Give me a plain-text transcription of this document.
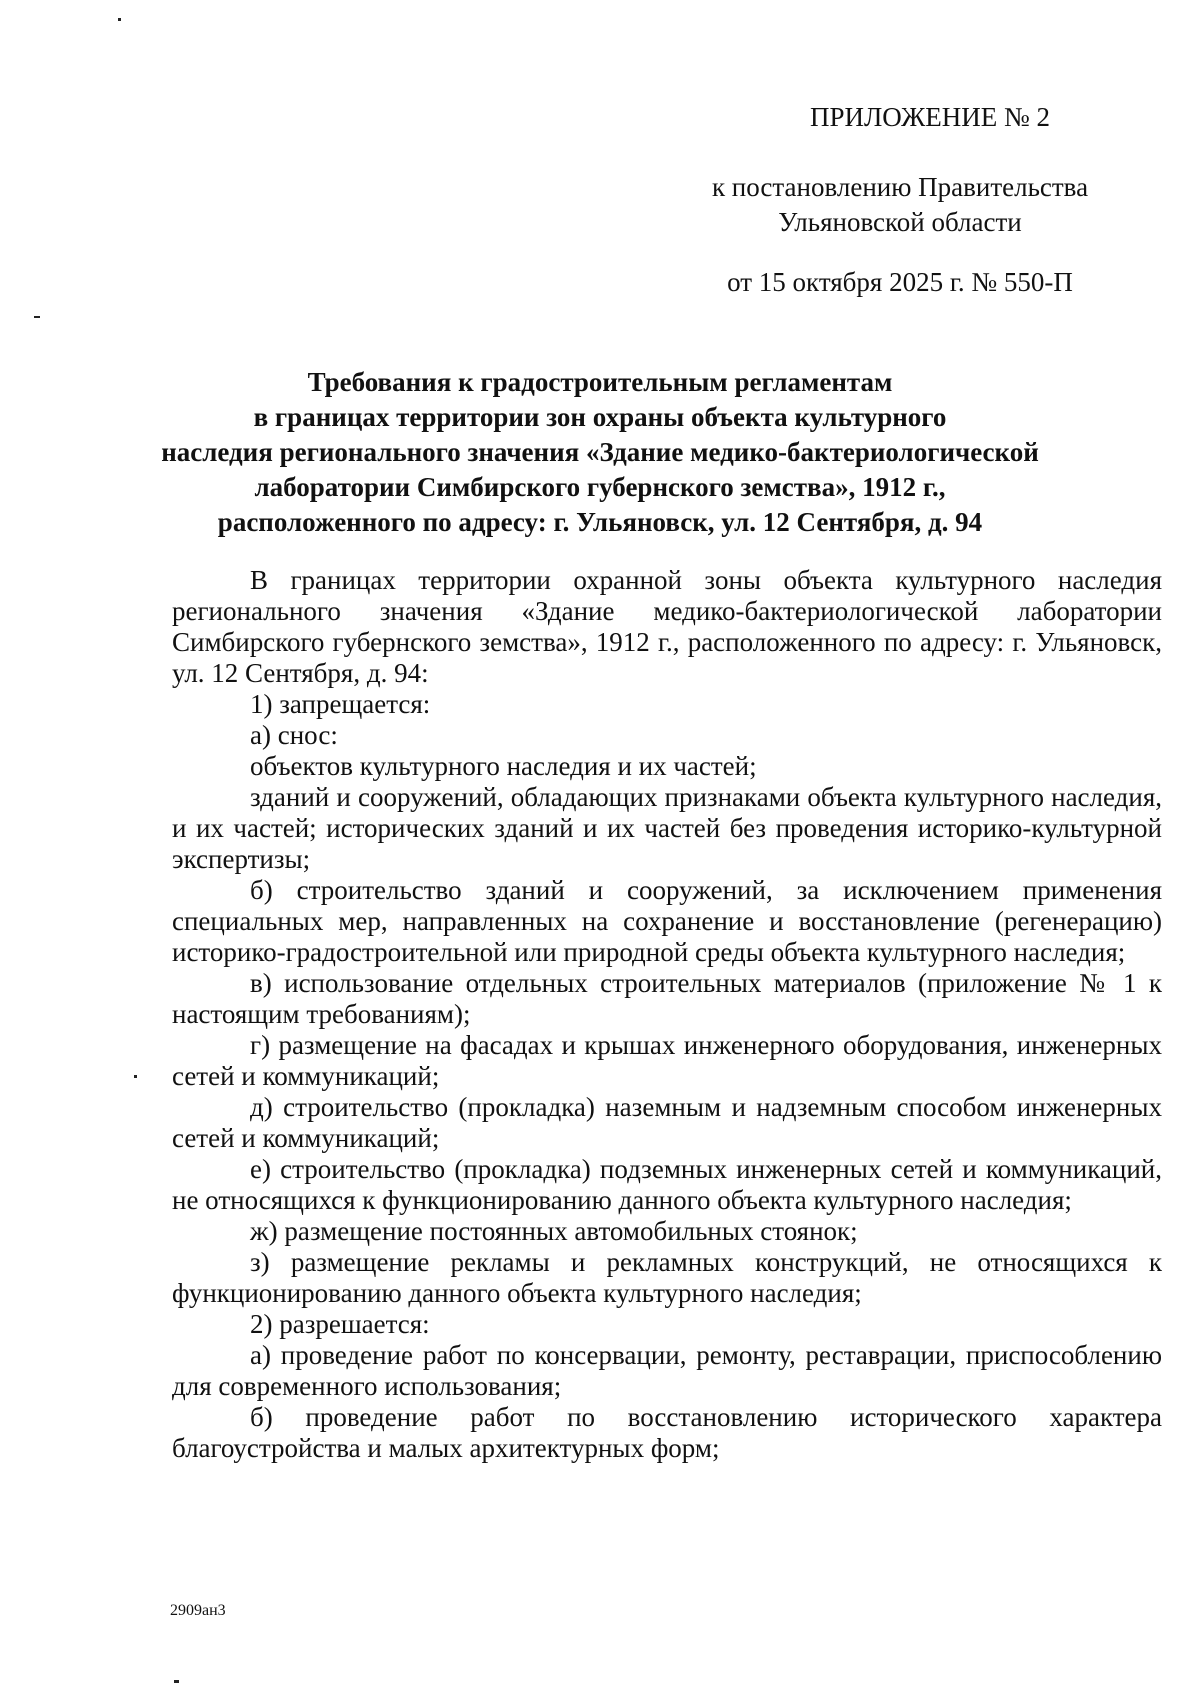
ПРИЛОЖЕНИЕ № 2
к постановлению Правительства
Ульяновской области
от 15 октября 2025 г. № 550-П
Требования к градостроительным регламентам
в границах территории зон охраны объекта культурного
наследия регионального значения «Здание медико-бактериологической
лаборатории Симбирского губернского земства», 1912 г.,
расположенного по адресу: г. Ульяновск, ул. 12 Сентября, д. 94

В границах территории охранной зоны объекта культурного наследия регионального значения «Здание медико-бактериологической лаборатории Симбирского губернского земства», 1912 г., расположенного по адресу: г. Ульяновск, ул. 12 Сентября, д. 94:

1) запрещается:

а) снос:

объектов культурного наследия и их частей;

зданий и сооружений, обладающих признаками объекта культурного наследия, и их частей; исторических зданий и их частей без проведения историко-культурной экспертизы;

б) строительство зданий и сооружений, за исключением применения специальных мер, направленных на сохранение и восстановление (регенерацию) историко-градостроительной или природной среды объекта культурного наследия;

в) использование отдельных строительных материалов (приложение № 1 к настоящим требованиям);

г) размещение на фасадах и крышах инженерного оборудования, инженерных сетей и коммуникаций;

д) строительство (прокладка) наземным и надземным способом инженерных сетей и коммуникаций;

е) строительство (прокладка) подземных инженерных сетей и коммуникаций, не относящихся к функционированию данного объекта культурного наследия;

ж) размещение постоянных автомобильных стоянок;

з) размещение рекламы и рекламных конструкций, не относящихся к функционированию данного объекта культурного наследия;

2) разрешается:

а) проведение работ по консервации, ремонту, реставрации, приспособлению для современного использования;

б) проведение работ по восстановлению исторического характера благоустройства и малых архитектурных форм;

2909ан3
